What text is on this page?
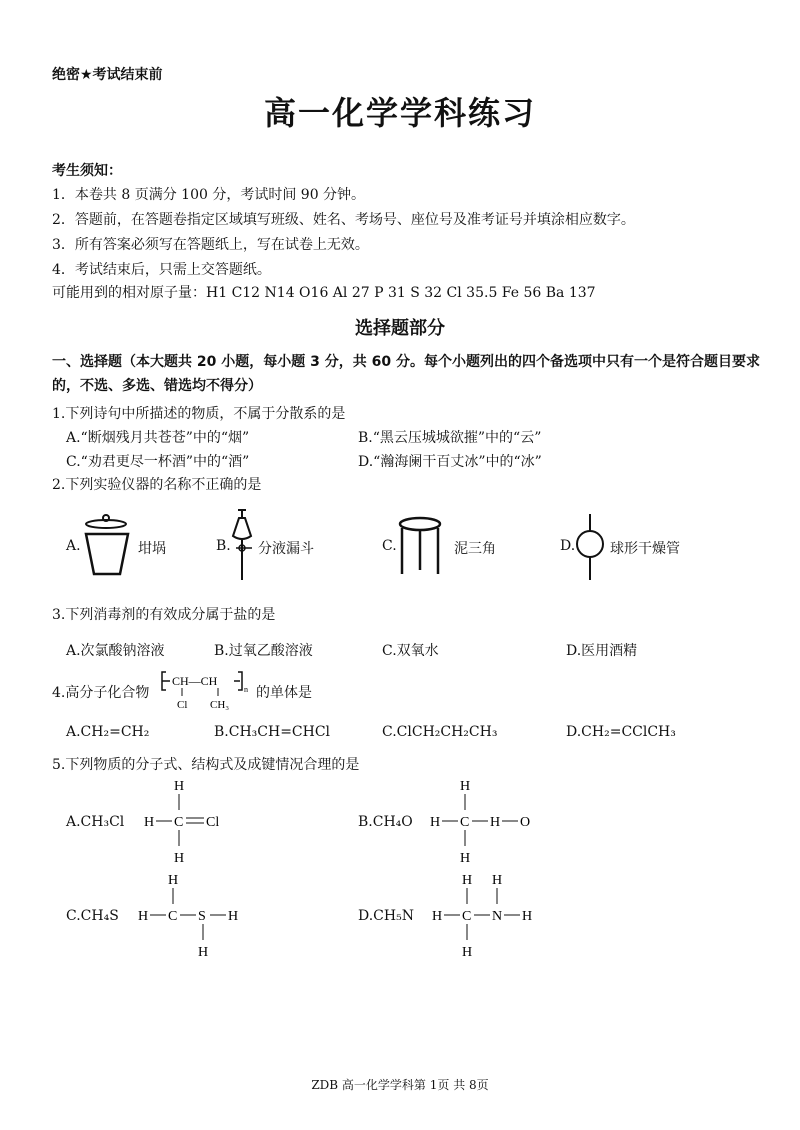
绝密★考试结束前
高一化学学科练习
考生须知：
1．本卷共 8 页满分 100 分，考试时间 90 分钟。
2．答题前，在答题卷指定区域填写班级、姓名、考场号、座位号及准考证号并填涂相应数字。
3．所有答案必须写在答题纸上，写在试卷上无效。
4．考试结束后，只需上交答题纸。
可能用到的相对原子量：H1 C12 N14 O16 Al 27 P 31 S 32 Cl 35.5 Fe 56 Ba 137
选择题部分
一、选择题（本大题共 20 小题，每小题 3 分，共 60 分。每个小题列出的四个备选项中只有一个是符合题目要求的，不选、多选、错选均不得分）
1.下列诗句中所描述的物质，不属于分散系的是
A.“断烟残月共苍苍”中的“烟”	B.“黑云压城城欲摧”中的“云”
C.“劝君更尽一杯酒”中的“酒”	D.“瀚海阑干百丈冰”中的“冰”
2.下列实验仪器的名称不正确的是
A.	坩埚	B. 分液漏斗	C.	泥三角	D. 球形干燥管
3.下列消毒剂的有效成分属于盐的是
A.次氯酸钠溶液	B.过氧乙酸溶液	C.双氧水	D.医用酒精
4.高分子化合物
CH—CH
n
Cl CH₃
的单体是
A.CH₂=CH₂	B.CH₃CH=CHCl	C.ClCH₂CH₂CH₃	D.CH₂=CClCH₃
5.下列物质的分子式、结构式及成键情况合理的是
A.CH₃Cl
H
H C Cl
H
B.CH₄O
H
H C H O
H
C.CH₄S
H
H C S H
H
D.CH₅N
H H
H C N H
H
ZDB 高一化学学科第 1页 共 8页
